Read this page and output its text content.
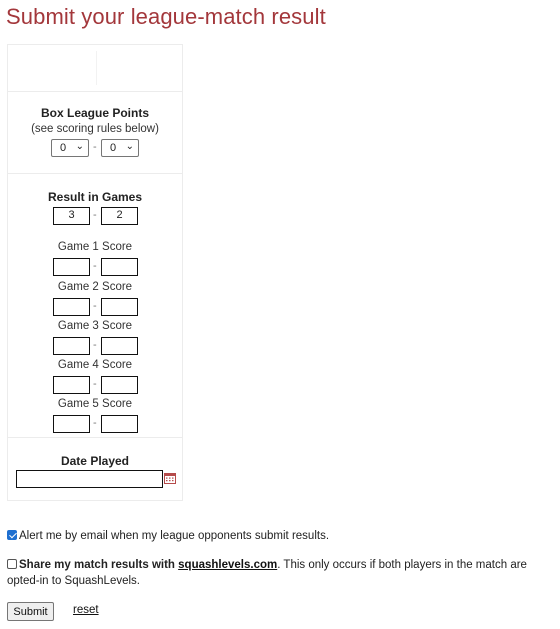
Submit your league-match result
Box League Points
(see scoring rules below)
0 ⌄ - 0 ⌄
Result in Games
3	-	2
Game 1 Score
-
Game 2 Score
-
Game 3 Score
-
Game 4 Score
-
Game 5 Score
-
Date Played
Alert me by email when my league opponents submit results.
Share my match results with squashlevels.com. This only occurs if both players in the match are opted-in to SquashLevels.
Submit	reset
